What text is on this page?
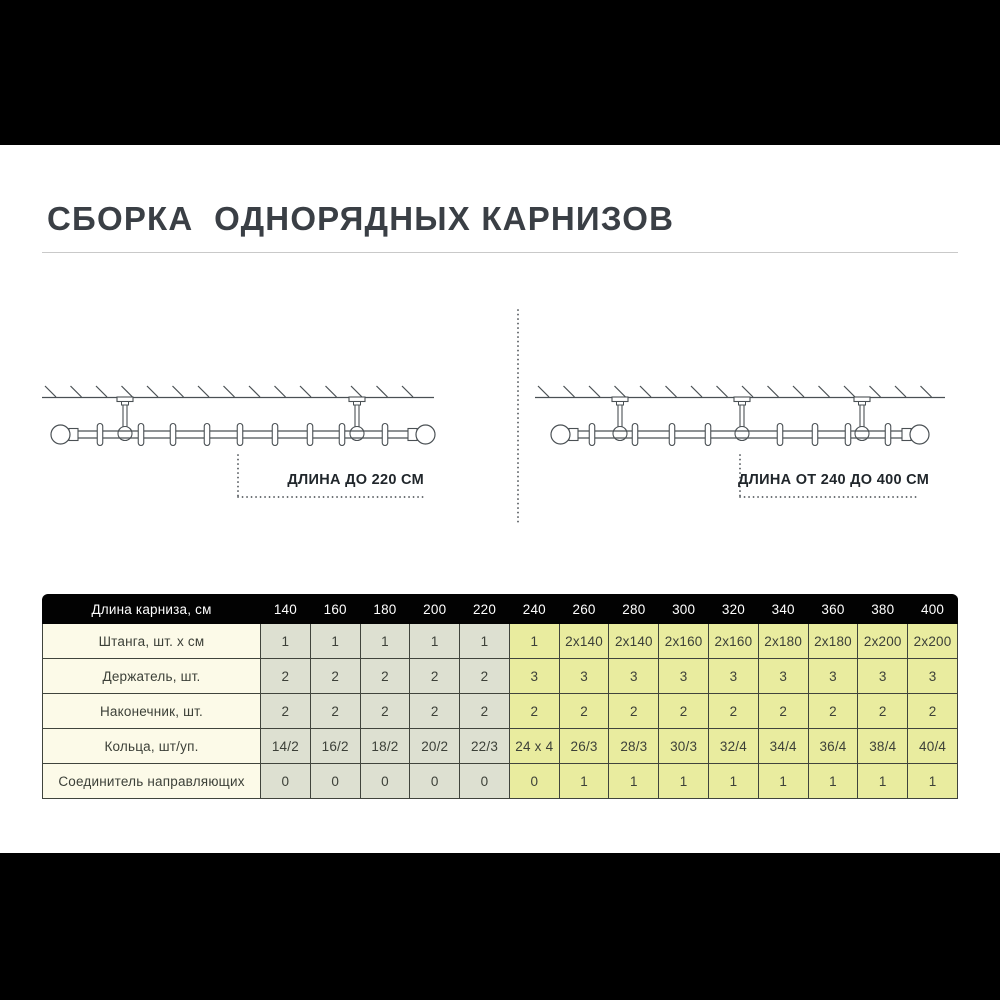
СБОРКА  ОДНОРЯДНЫХ КАРНИЗОВ
ДЛИНА ДО 220 СМ	ДЛИНА ОТ 240 ДО 400 СМ
Длина карниза, см	140	160	180	200	220	240	260	280	300	320	340	360	380	400
Штанга, шт. x см	1	1	1	1	1	1	2x140	2x140	2x160	2x160	2x180	2x180	2x200	2x200
Держатель, шт.	2	2	2	2	2	3	3	3	3	3	3	3	3	3
Наконечник, шт.	2	2	2	2	2	2	2	2	2	2	2	2	2	2
Кольца, шт/уп.	14/2	16/2	18/2	20/2	22/3	24 x 4	26/3	28/3	30/3	32/4	34/4	36/4	38/4	40/4
Соединитель направляющих	0	0	0	0	0	0	1	1	1	1	1	1	1	1
